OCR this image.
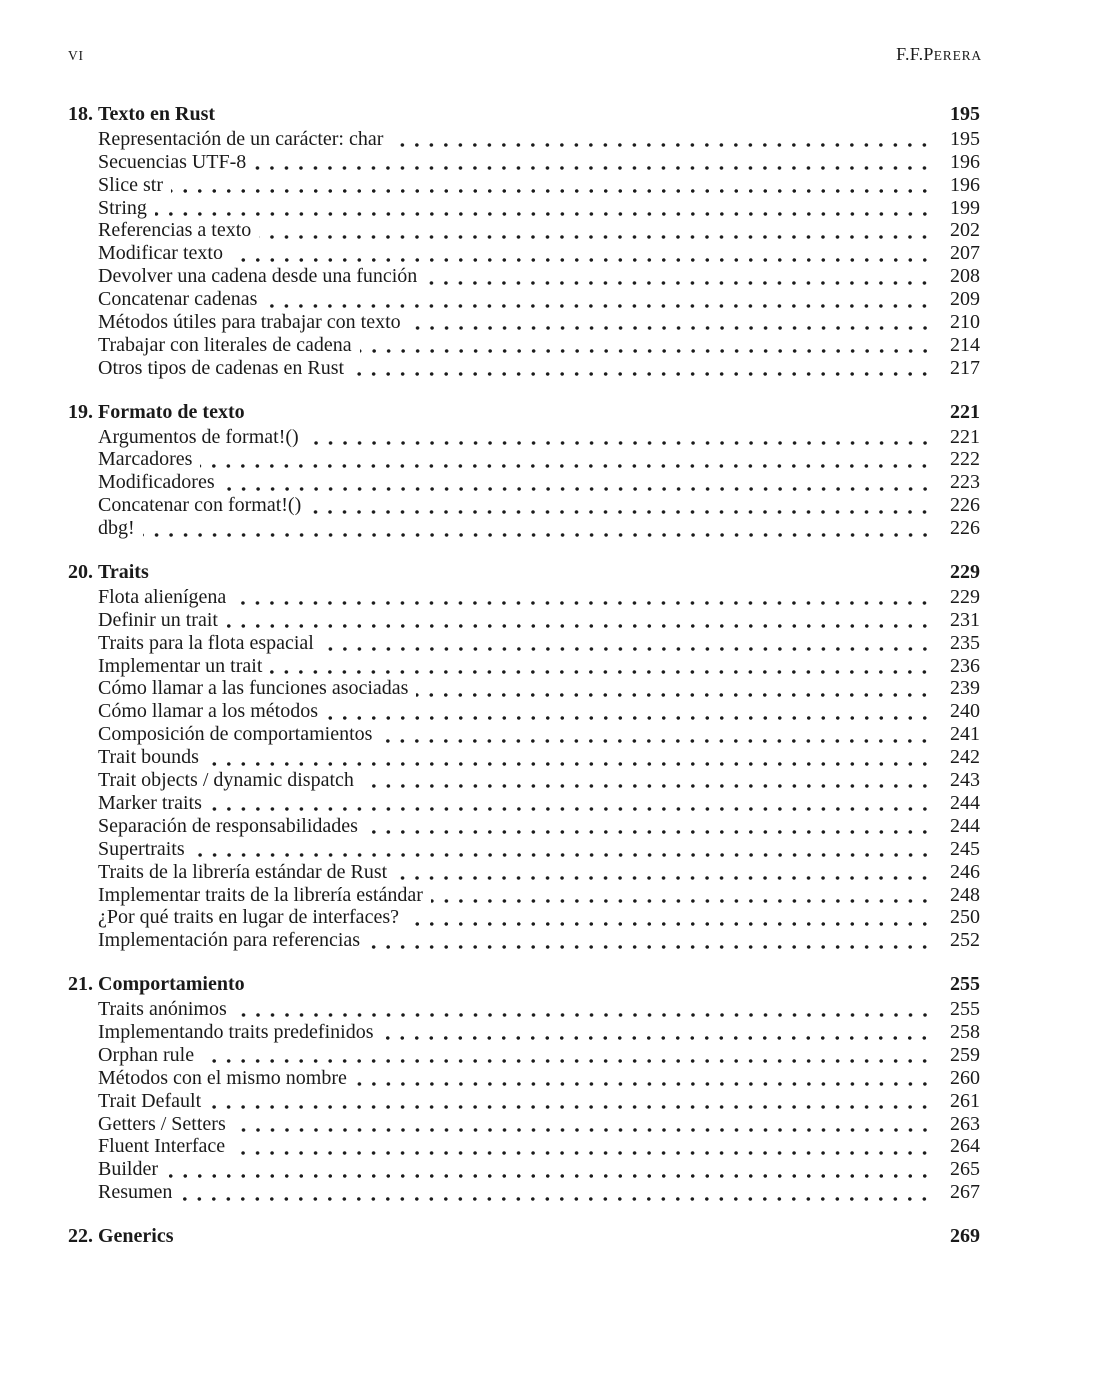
VI	F.F.PERERA
18. Texto en Rust	195
Representación de un carácter: char	195
Secuencias UTF-8	196
Slice str	196
String	199
Referencias a texto	202
Modificar texto	207
Devolver una cadena desde una función	208
Concatenar cadenas	209
Métodos útiles para trabajar con texto	210
Trabajar con literales de cadena	214
Otros tipos de cadenas en Rust	217
19. Formato de texto	221
Argumentos de format!()	221
Marcadores	222
Modificadores	223
Concatenar con format!()	226
dbg!	226
20. Traits	229
Flota alienígena	229
Definir un trait	231
Traits para la flota espacial	235
Implementar un trait	236
Cómo llamar a las funciones asociadas	239
Cómo llamar a los métodos	240
Composición de comportamientos	241
Trait bounds	242
Trait objects / dynamic dispatch	243
Marker traits	244
Separación de responsabilidades	244
Supertraits	245
Traits de la librería estándar de Rust	246
Implementar traits de la librería estándar	248
¿Por qué traits en lugar de interfaces?	250
Implementación para referencias	252
21. Comportamiento	255
Traits anónimos	255
Implementando traits predefinidos	258
Orphan rule	259
Métodos con el mismo nombre	260
Trait Default	261
Getters / Setters	263
Fluent Interface	264
Builder	265
Resumen	267
22. Generics	269
